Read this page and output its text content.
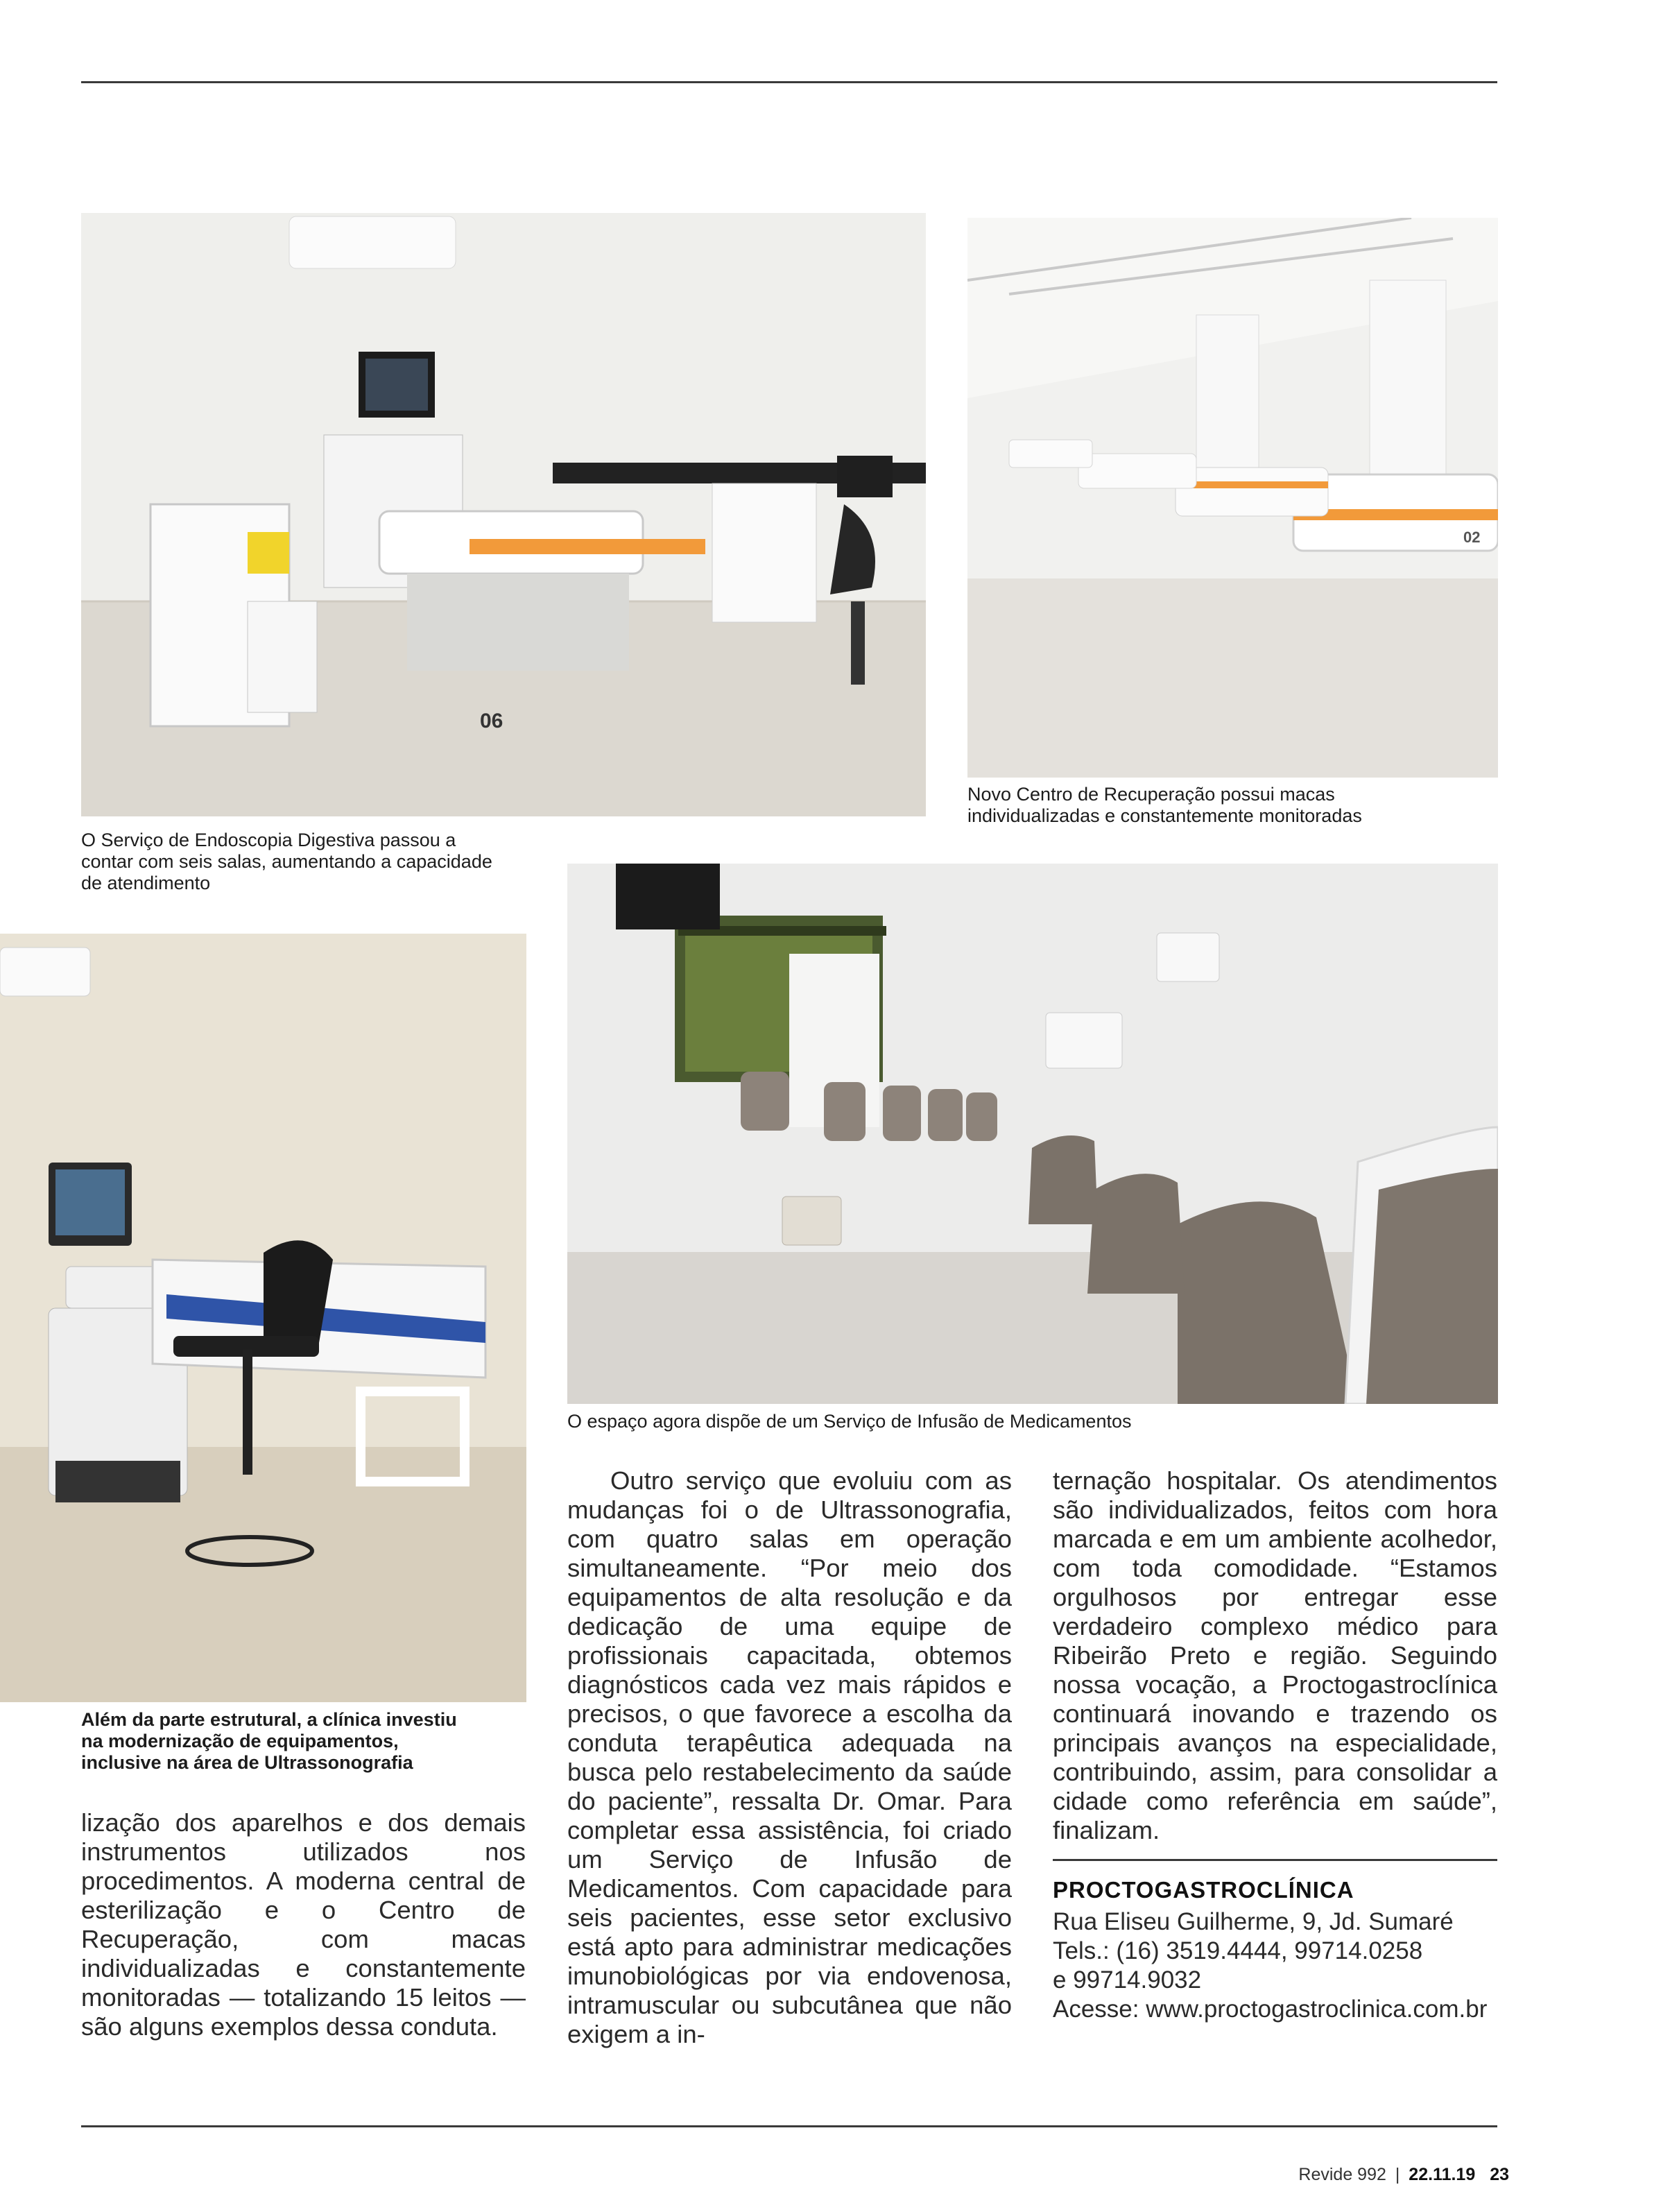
06
02

Novo Centro de Recuperação possui macas individualizadas e constantemente monitoradas

O Serviço de Endoscopia Digestiva passou a contar com seis salas, aumentando a capacidade de atendimento

O espaço agora dispõe de um Serviço de Infusão de Medicamentos

Além da parte estrutural, a clínica investiu na modernização de equipamentos, inclusive na área de Ultrassonografia

lização dos aparelhos e dos demais instrumentos utilizados nos procedimentos. A moderna central de esterilização e o Centro de Recuperação, com macas individualizadas e constantemente monitoradas — totalizando 15 leitos — são alguns exemplos dessa conduta.

Outro serviço que evoluiu com as mudanças foi o de Ultrassonografia, com quatro salas em operação simultaneamente. “Por meio dos equipamentos de alta resolução e da dedicação de uma equipe de profissionais capacitada, obtemos diagnósticos cada vez mais rápidos e precisos, o que favorece a escolha da conduta terapêutica adequada na busca pelo restabelecimento da saúde do paciente”, ressalta Dr. Omar. Para completar essa assistência, foi criado um Serviço de Infusão de Medicamentos. Com capacidade para seis pacientes, esse setor exclusivo está apto para administrar medicações imunobiológicas por via endovenosa, intramuscular ou subcutânea que não exigem a in-

ternação hospitalar. Os atendimentos são individualizados, feitos com hora marcada e em um ambiente acolhedor, com toda comodidade. “Estamos orgulhosos por entregar esse verdadeiro complexo médico para Ribeirão Preto e região. Seguindo nossa vocação, a Proctogastroclínica continuará inovando e trazendo os principais avanços na especialidade, contribuindo, assim, para consolidar a cidade como referência em saúde”, finalizam.

PROCTOGASTROCLÍNICA
Rua Eliseu Guilherme, 9, Jd. Sumaré
Tels.: (16) 3519.4444, 99714.0258
e 99714.9032
Acesse: www.proctogastroclinica.com.br
Revide 992 | 22.11.19 23
